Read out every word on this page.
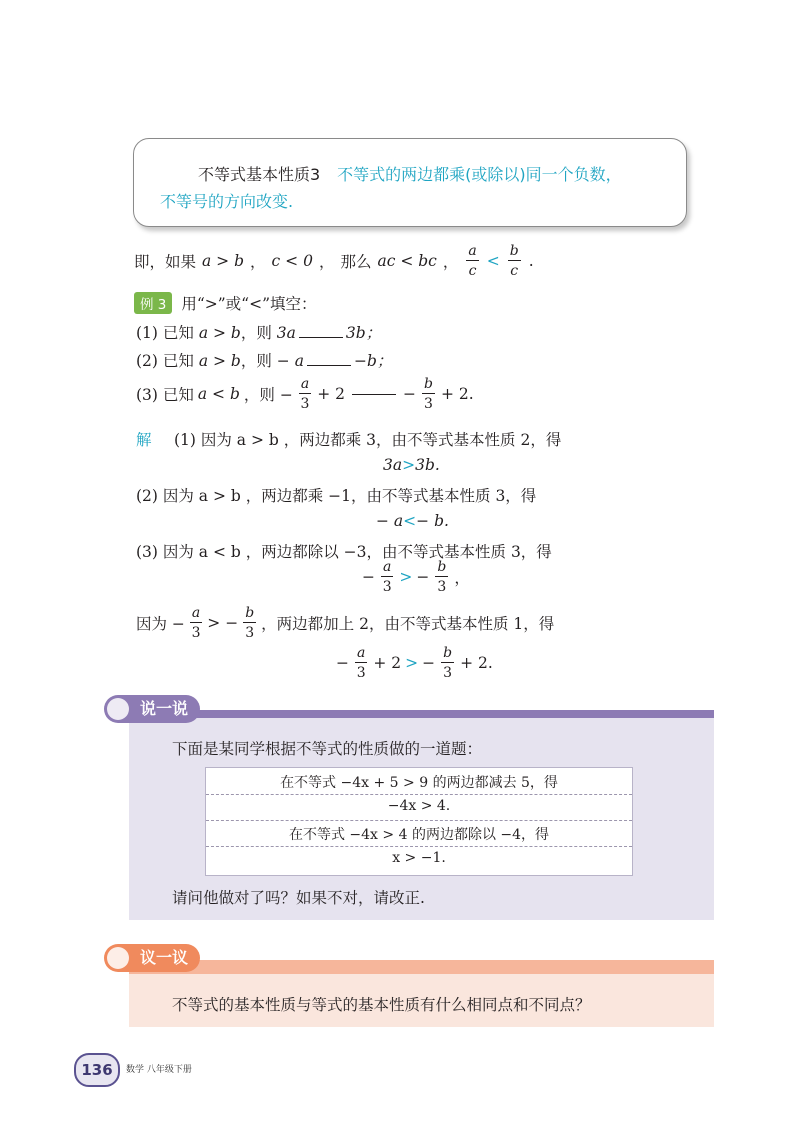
不等式基本性质3 不等式的两边都乘(或除以)同一个负数，
不等号的方向改变.
即，如果 a > b ， c < 0 ， 那么 ac < bc ， $\frac{a}{c} < \frac{b}{c}$ .
例 3 用“>”或“<”填空：
(1) 已知 a > b，则 3a	3b；
(2) 已知 a > b，则 − a	−b；
(3) 已知 a < b ，则 − $\frac{a}{3} + 2$	− $\frac{b}{3} + 2$.
解 (1) 因为 a > b ，两边都乘 3，由不等式基本性质 2，得
3a>3b.
(2) 因为 a > b ，两边都乘 −1，由不等式基本性质 3，得
− a<− b.
(3) 因为 a < b ，两边都除以 −3，由不等式基本性质 3，得
− $\frac{a}{3}$ > − $\frac{b}{3}$ ，
因为 − $\frac{a}{3}$ > − $\frac{b}{3}$ ，两边都加上 2，由不等式基本性质 1，得
− $\frac{a}{3} + 2$ > − $\frac{b}{3} + 2$.
说一说
下面是某同学根据不等式的性质做的一道题：
在不等式 −4x + 5 > 9 的两边都减去 5，得
−4x > 4.
在不等式 −4x > 4 的两边都除以 −4，得
x > −1.
请问他做对了吗？如果不对，请改正.
议一议
不等式的基本性质与等式的基本性质有什么相同点和不同点？
136	数学 八年级下册
